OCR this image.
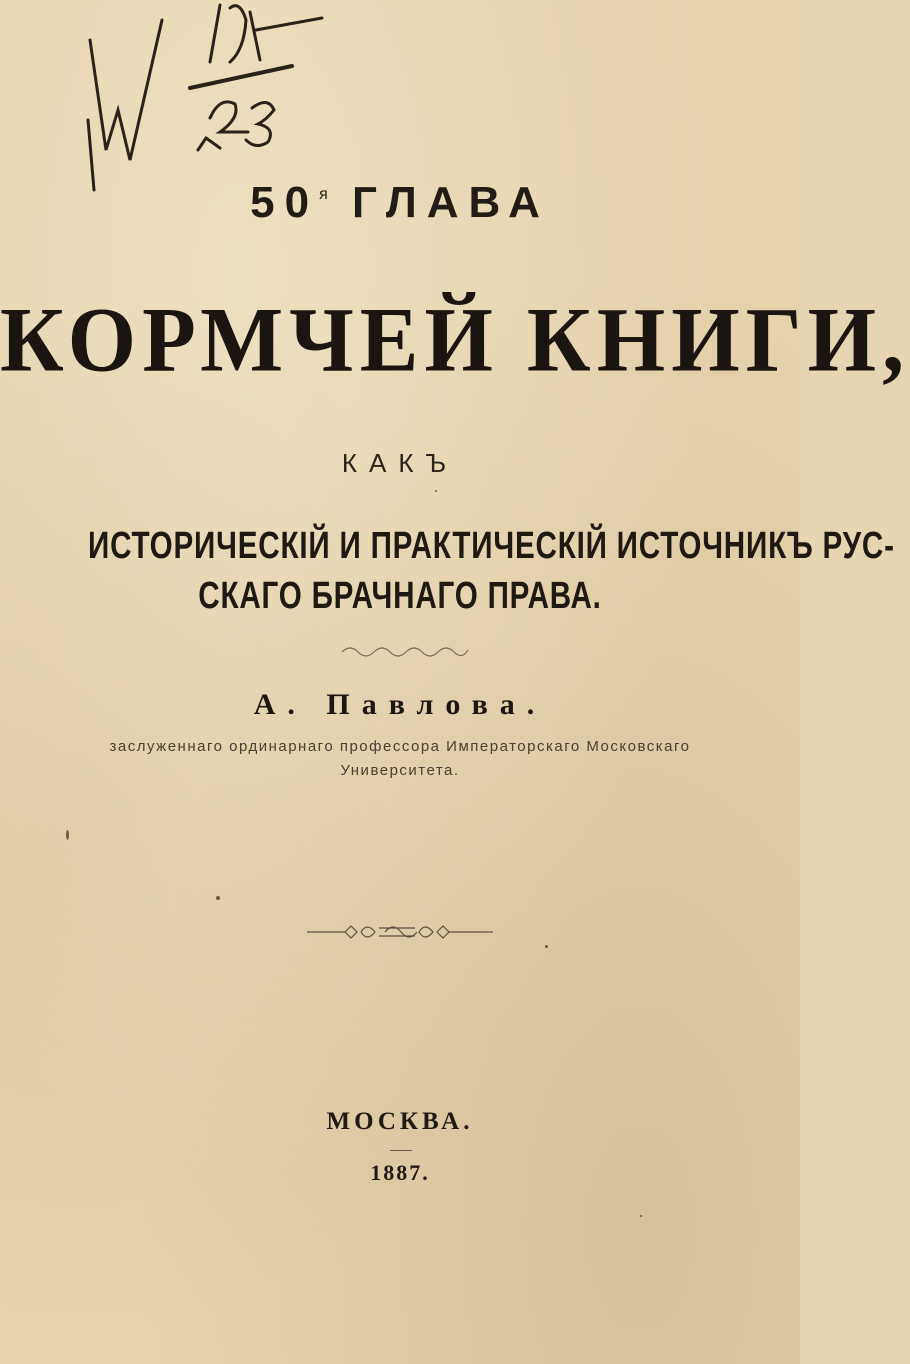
$50^я$ ГЛАВА
КОРМЧЕЙ КНИГИ,
КАКЪ
ИСТОРИЧЕСКІЙ И ПРАКТИЧЕСКІЙ ИСТОЧНИКЪ РУС-
СКАГО БРАЧНАГО ПРАВА.
А. Павлова.
заслуженнаго ординарнаго профессора Императорскаго Московскаго
Университета.
МОСКВА.
1887.
